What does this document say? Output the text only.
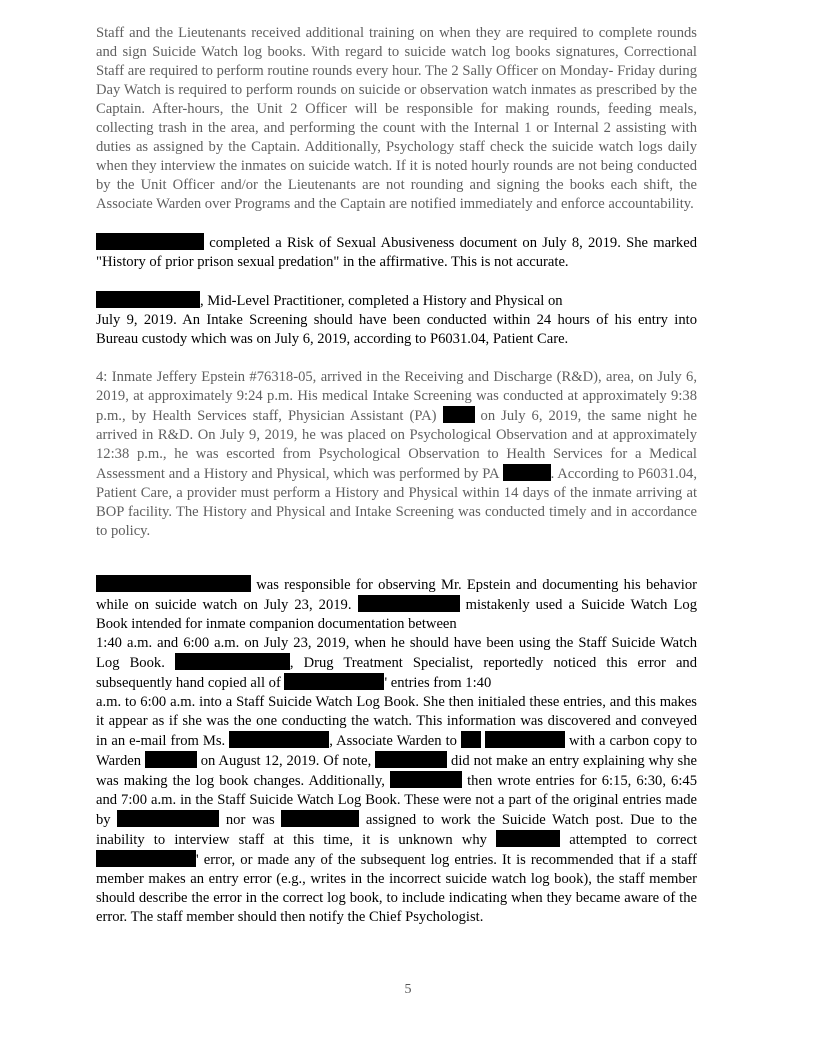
Staff and the Lieutenants received additional training on when they are required to complete rounds and sign Suicide Watch log books. With regard to suicide watch log books signatures, Correctional Staff are required to perform routine rounds every hour. The 2 Sally Officer on Monday- Friday during Day Watch is required to perform rounds on suicide or observation watch inmates as prescribed by the Captain. After-hours, the Unit 2 Officer will be responsible for making rounds, feeding meals, collecting trash in the area, and performing the count with the Internal 1 or Internal 2 assisting with duties as assigned by the Captain. Additionally, Psychology staff check the suicide watch logs daily when they interview the inmates on suicide watch. If it is noted hourly rounds are not being conducted by the Unit Officer and/or the Lieutenants are not rounding and signing the books each shift, the Associate Warden over Programs and the Captain are notified immediately and enforce accountability.

completed a Risk of Sexual Abusiveness document on July 8, 2019. She marked "History of prior prison sexual predation" in the affirmative. This is not accurate.

, Mid-Level Practitioner, completed a History and Physical on
July 9, 2019. An Intake Screening should have been conducted within 24 hours of his entry into Bureau custody which was on July 6, 2019, according to P6031.04, Patient Care.

4: Inmate Jeffery Epstein #76318-05, arrived in the Receiving and Discharge (R&D), area, on July 6, 2019, at approximately 9:24 p.m. His medical Intake Screening was conducted at approximately 9:38 p.m., by Health Services staff, Physician Assistant (PA)  on July 6, 2019, the same night he arrived in R&D. On July 9, 2019, he was placed on Psychological Observation and at approximately 12:38 p.m., he was escorted from Psychological Observation to Health Services for a Medical Assessment and a History and Physical, which was performed by PA	. According to P6031.04, Patient Care, a provider must perform a History and Physical within 14 days of the inmate arriving at BOP facility. The History and Physical and Intake Screening was conducted timely and in accordance to policy.

was responsible for observing Mr. Epstein and documenting his behavior while on suicide watch on July 23, 2019.	mistakenly used a Suicide Watch Log Book intended for inmate companion documentation between
1:40 a.m. and 6:00 a.m. on July 23, 2019, when he should have been using the Staff Suicide Watch Log Book.	, Drug Treatment Specialist, reportedly noticed this error and subsequently hand copied all of	' entries from 1:40
a.m. to 6:00 a.m. into a Staff Suicide Watch Log Book. She then initialed these entries, and this makes it appear as if she was the one conducting the watch. This information was discovered and conveyed in an e-mail from Ms.	, Associate Warden to	with a carbon copy to Warden	on August 12, 2019. Of note,	did not make an entry explaining why she was making the log book changes. Additionally,	then wrote entries for 6:15, 6:30, 6:45 and 7:00 a.m. in the Staff Suicide Watch Log Book. These were not a part of the original entries made by	nor was	assigned to work the Suicide Watch post. Due to the inability to interview staff at this time, it is unknown why	attempted to correct ' error, or made any of the subsequent log entries. It is recommended that if a staff member makes an entry error (e.g., writes in the incorrect suicide watch log book), the staff member should describe the error in the correct log book, to include indicating when they became aware of the error. The staff member should then notify the Chief Psychologist.

5
